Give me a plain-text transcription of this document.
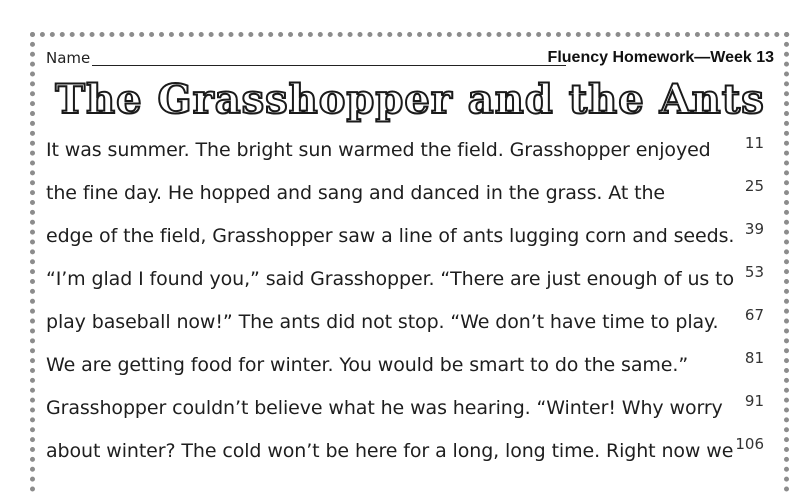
Name	Fluency Homework—Week 13
The Grasshopper and the Ants
It was summer. The bright sun warmed the field. Grasshopper enjoyed	11
the fine day. He hopped and sang and danced in the grass. At the	25
edge of the field, Grasshopper saw a line of ants lugging corn and seeds. 39
“I’m glad I found you,” said Grasshopper. “There are just enough of us to 53
play baseball now!” The ants did not stop. “We don’t have time to play.	67
We are getting food for winter. You would be smart to do the same.”	81
Grasshopper couldn’t believe what he was hearing. “Winter! Why worry	91
about winter? The cold won’t be here for a long, long time. Right now we 106
